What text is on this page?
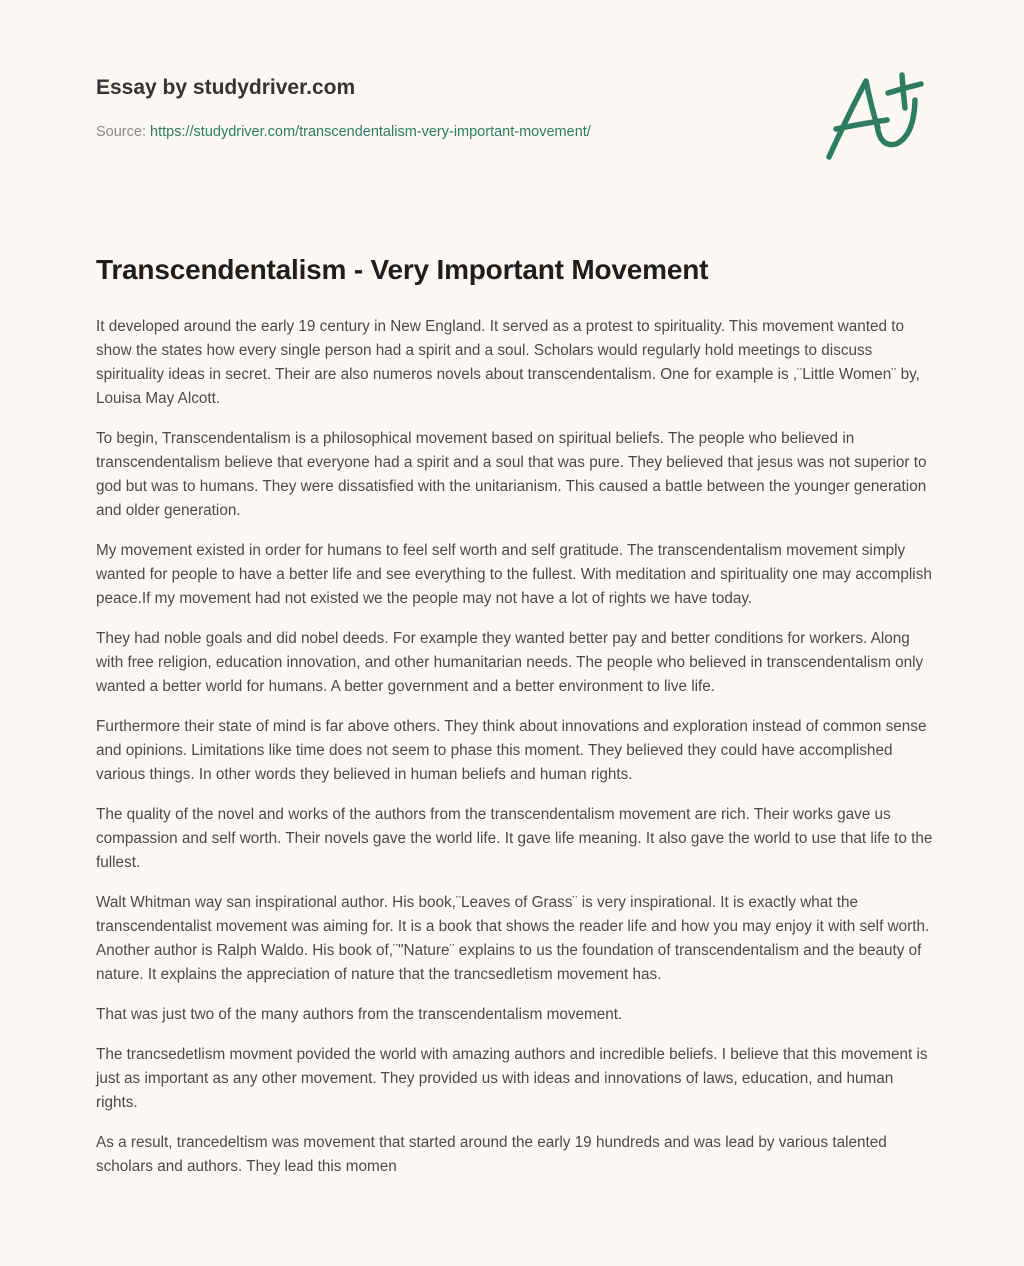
Essay by studydriver.com

Source: https://studydriver.com/transcendentalism-very-important-movement/
Transcendentalism - Very Important Movement

It developed around the early 19 century in New England. It served as a protest to spirituality. This movement wanted to show the states how every single person had a spirit and a soul. Scholars would regularly hold meetings to discuss spirituality ideas in secret. Their are also numeros novels about transcendentalism. One for example is ,¨Little Women¨ by, Louisa May Alcott.

To begin, Transcendentalism is a philosophical movement based on spiritual beliefs. The people who believed in transcendentalism believe that everyone had a spirit and a soul that was pure. They believed that jesus was not superior to god but was to humans. They were dissatisfied with the unitarianism. This caused a battle between the younger generation and older generation.

My movement existed in order for humans to feel self worth and self gratitude. The transcendentalism movement simply wanted for people to have a better life and see everything to the fullest. With meditation and spirituality one may accomplish peace.If my movement had not existed we the people may not have a lot of rights we have today.

They had noble goals and did nobel deeds. For example they wanted better pay and better conditions for workers. Along with free religion, education innovation, and other humanitarian needs. The people who believed in transcendentalism only wanted a better world for humans. A better government and a better environment to live life.

Furthermore their state of mind is far above others. They think about innovations and exploration instead of common sense and opinions. Limitations like time does not seem to phase this moment. They believed they could have accomplished various things. In other words they believed in human beliefs and human rights.

The quality of the novel and works of the authors from the transcendentalism movement are rich. Their works gave us compassion and self worth. Their novels gave the world life. It gave life meaning. It also gave the world to use that life to the fullest.

Walt Whitman way san inspirational author. His book,¨Leaves of Grass¨ is very inspirational. It is exactly what the transcendentalist movement was aiming for. It is a book that shows the reader life and how you may enjoy it with self worth. Another author is Ralph Waldo. His book of,¨"Nature¨ explains to us the foundation of transcendentalism and the beauty of nature. It explains the appreciation of nature that the trancsedletism movement has.

That was just two of the many authors from the transcendentalism movement.

The trancsedetlism movment povided the world with amazing authors and incredible beliefs. I believe that this movement is just as important as any other movement. They provided us with ideas and innovations of laws, education, and human rights.

As a result, trancedeltism was movement that started around the early 19 hundreds and was lead by various talented scholars and authors. They lead this momen
